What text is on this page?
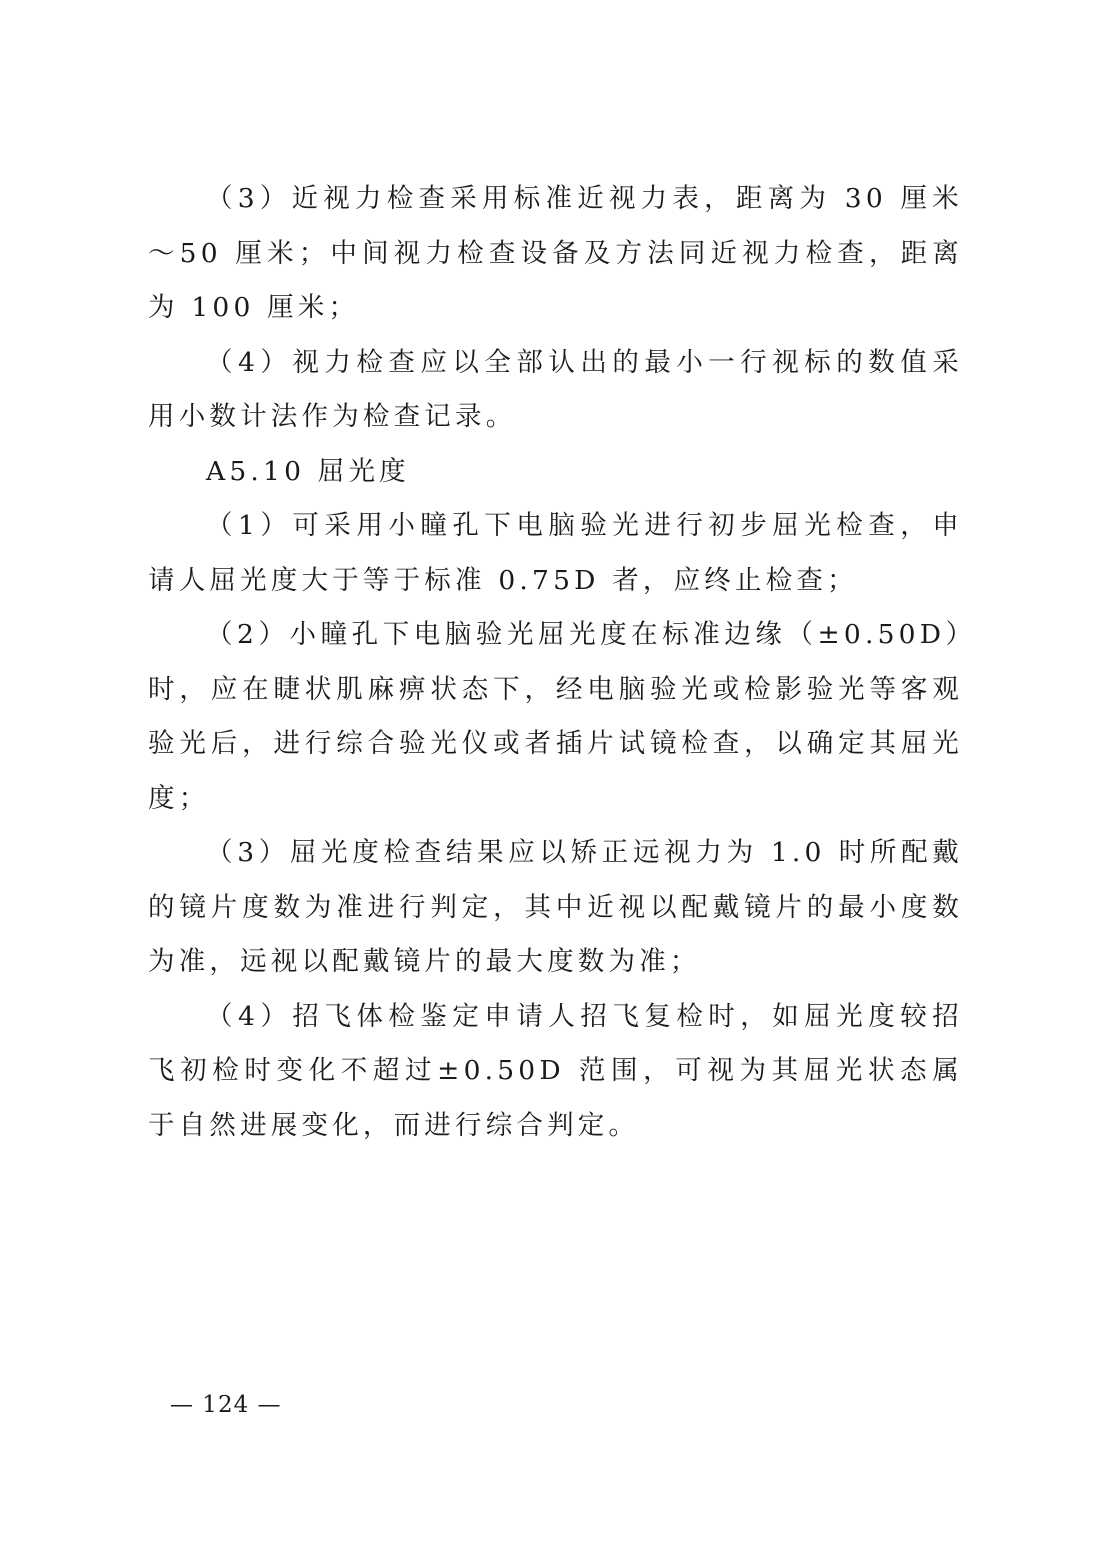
（3）近视力检查采用标准近视力表，距离为 30 厘米～50 厘米；中间视力检查设备及方法同近视力检查，距离为 100 厘米；

（4）视力检查应以全部认出的最小一行视标的数值采用小数计法作为检查记录。

A5.10 屈光度

（1）可采用小瞳孔下电脑验光进行初步屈光检查，申请人屈光度大于等于标准 0.75D 者，应终止检查；

（2）小瞳孔下电脑验光屈光度在标准边缘（±0.50D）时，应在睫状肌麻痹状态下，经电脑验光或检影验光等客观验光后，进行综合验光仪或者插片试镜检查，以确定其屈光度；

（3）屈光度检查结果应以矫正远视力为 1.0 时所配戴的镜片度数为准进行判定，其中近视以配戴镜片的最小度数为准，远视以配戴镜片的最大度数为准；

（4）招飞体检鉴定申请人招飞复检时，如屈光度较招飞初检时变化不超过±0.50D 范围，可视为其屈光状态属于自然进展变化，而进行综合判定。

— 124 —
